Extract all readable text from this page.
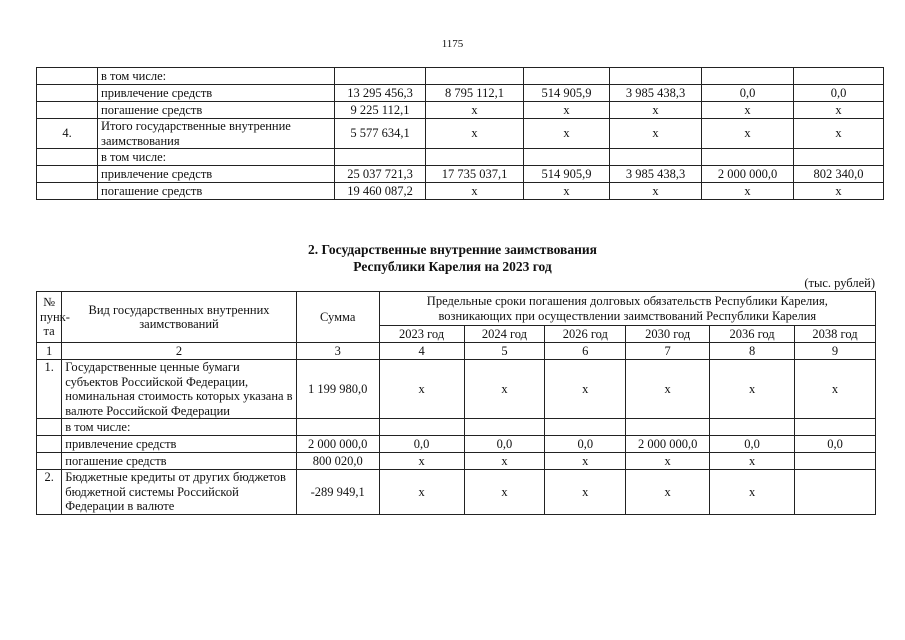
1175
	в том числе:						
	привлечение средств	13 295 456,3	8 795 112,1	514 905,9	3 985 438,3	0,0	0,0
	погашение средств	9 225 112,1	х	х	х	х	х
4.	Итого государственные внутренние заимствования	5 577 634,1	х	х	х	х	х
	в том числе:						
	привлечение средств	25 037 721,3	17 735 037,1	514 905,9	3 985 438,3	2 000 000,0	802 340,0
	погашение средств	19 460 087,2	х	х	х	х	х
2. Государственные внутренние заимствования
Республики Карелия на 2023 год
(тыс. рублей)
№ пунк-та	Вид государственных внутренних заимствований	Сумма	Предельные сроки погашения долговых обязательств Республики Карелия, возникающих при осуществлении заимствований Республики Карелия					
			2023 год	2024 год	2026 год	2030 год	2036 год	2038 год
1	2	3	4	5	6	7	8	9
1.	Государственные ценные бумаги субъектов Российской Федерации, номинальная стоимость которых указана в валюте Российской Федерации	1 199 980,0	х	х	х	х	х	х
	в том числе:							
	привлечение средств	2 000 000,0	0,0	0,0	0,0	2 000 000,0	0,0	0,0
	погашение средств	800 020,0	х	х	х	х	х	
2.	Бюджетные кредиты от других бюджетов бюджетной системы Российской Федерации в валюте	-289 949,1	х	х	х	х	х	
